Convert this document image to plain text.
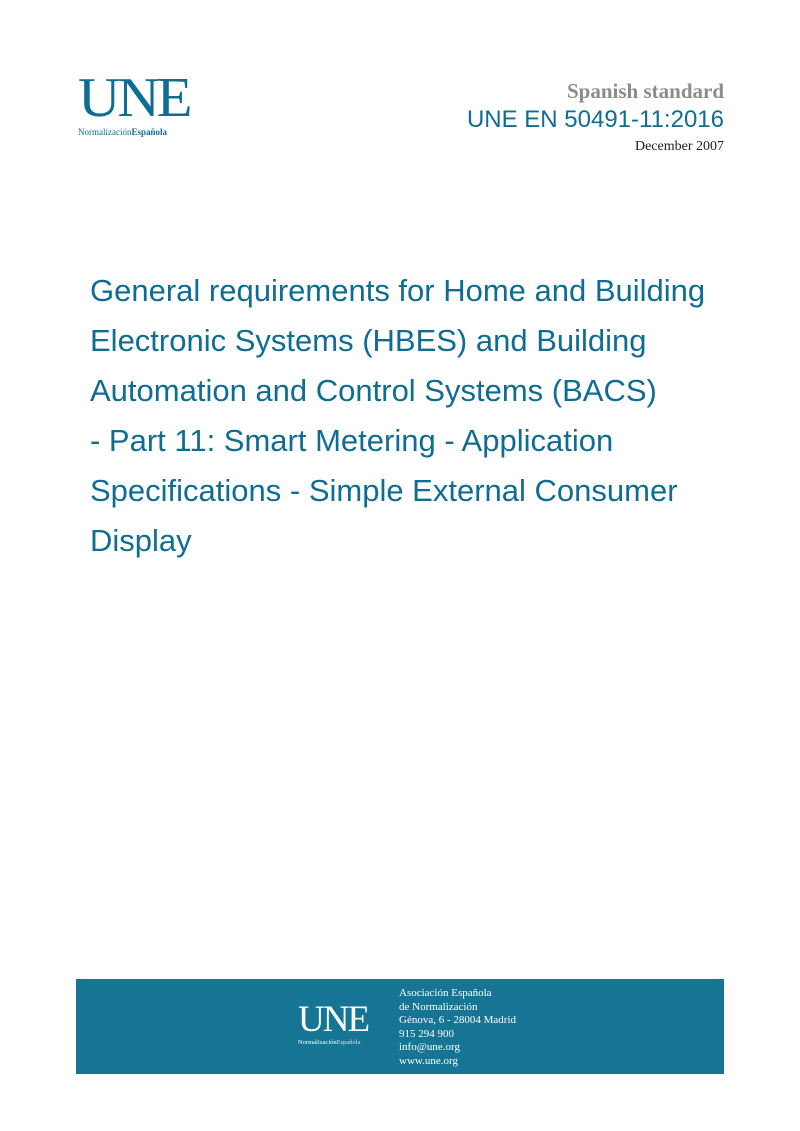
UNE
NormalizaciónEspañola
Spanish standard
UNE EN 50491-11:2016
December 2007
General requirements for Home and Building
Electronic Systems (HBES) and Building
Automation and Control Systems (BACS)
- Part 11: Smart Metering - Application
Specifications - Simple External Consumer
Display
UNE
NormalizaciónEspañola
Asociación Española
de Normalización
Génova, 6 - 28004 Madrid
915 294 900
info@une.org
www.une.org
